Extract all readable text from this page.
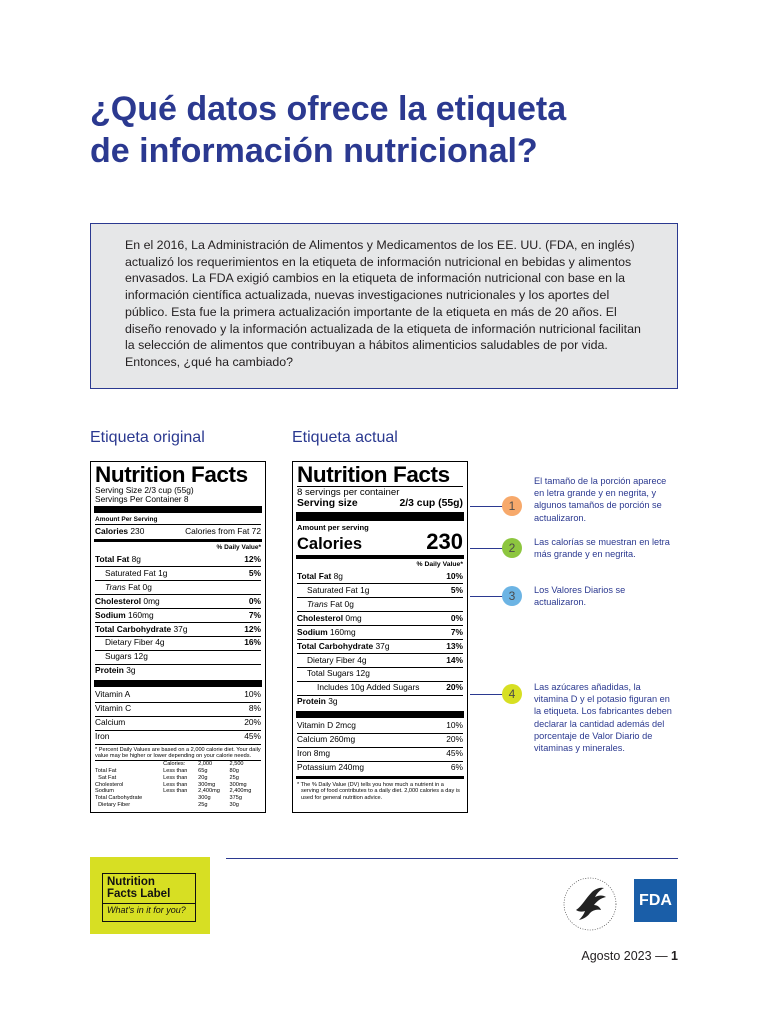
¿Qué datos ofrece la etiqueta
de información nutricional?
En el 2016, La Administración de Alimentos y Medicamentos de los EE. UU. (FDA, en inglés) actualizó los requerimientos en la etiqueta de información nutricional en bebidas y alimentos envasados. La FDA exigió cambios en la etiqueta de información nutricional con base en la información científica actualizada, nuevas investigaciones nutricionales y los aportes del público. Esta fue la primera actualización importante de la etiqueta en más de 20 años. El diseño renovado y la información actualizada de la etiqueta de información nutricional facilitan la selección de alimentos que contribuyan a hábitos alimenticios saludables de por vida. Entonces, ¿qué ha cambiado?
Etiqueta original	Etiqueta actual
Nutrition Facts
Serving Size 2/3 cup (55g)
Servings Per Container 8
Amount Per Serving
Calories 230	Calories from Fat 72
% Daily Value*
Total Fat 8g	12%
Saturated Fat 1g	5%
Trans Fat 0g
Cholesterol 0mg	0%
Sodium 160mg	7%
Total Carbohydrate 37g	12%
Dietary Fiber 4g	16%
Sugars 12g
Protein 3g
Vitamin A	10%
Vitamin C	8%
Calcium	20%
Iron	45%
* Percent Daily Values are based on a 2,000 calorie diet. Your daily value may be higher or lower depending on your calorie needs.
	Calories:	2,000	2,500
Total Fat	Less than	65g	80g
Sat Fat	Less than	20g	25g
Cholesterol	Less than	300mg	300mg
Sodium	Less than	2,400mg	2,400mg
Total Carbohydrate		300g	375g
Dietary Fiber		25g	30g
Nutrition Facts
8 servings per container
Serving size	2/3 cup (55g)
Amount per serving
Calories	230
% Daily Value*
Total Fat 8g	10%
Saturated Fat 1g	5%
Trans Fat 0g
Cholesterol 0mg	0%
Sodium 160mg	7%
Total Carbohydrate 37g	13%
Dietary Fiber 4g	14%
Total Sugars 12g
Includes 10g Added Sugars	20%
Protein 3g
Vitamin D 2mcg	10%
Calcium 260mg	20%
Iron 8mg	45%
Potassium 240mg	6%
* The % Daily Value (DV) tells you how much a nutrient in a serving of food contributes to a daily diet. 2,000 calories a day is used for general nutrition advice.
1
El tamaño de la porción aparece en letra grande y en negrita, y algunos tamaños de porción se actualizaron.
2	Las calorías se muestran en letra más grande y en negrita.
3	Los Valores Diarios se actualizaron.
4	Las azúcares añadidas, la vitamina D y el potasio figuran en la etiqueta. Los fabricantes deben declarar la cantidad además del porcentaje de Valor Diario de vitaminas y minerales.
Nutrition
Facts Label
What's in it for you?
FDA
Agosto 2023 — 1
